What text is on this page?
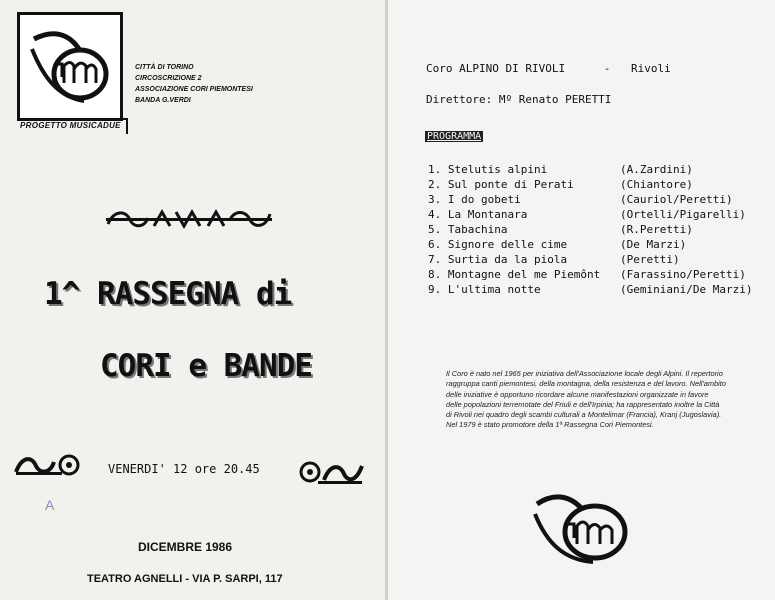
PROGETTO MUSICADUE
CITTÀ DI TORINO
CIRCOSCRIZIONE 2
ASSOCIAZIONE CORI PIEMONTESI
BANDA G.VERDI
1^ RASSEGNA di
CORI e BANDE
VENERDI' 12 ore 20.45
A
DICEMBRE 1986
TEATRO AGNELLI - VIA P. SARPI, 117
Coro ALPINO DI RIVOLI	- Rivoli
Direttore: Mº Renato PERETTI
PROGRAMMA
1. Stelutis alpini	(A.Zardini)
2. Sul ponte di Perati	(Chiantore)
3. I do gobeti	(Cauriol/Peretti)
4. La Montanara	(Ortelli/Pigarelli)
5. Tabachina	(R.Peretti)
6. Signore delle cime	(De Marzi)
7. Surtia da la piola	(Peretti)
8. Montagne del me Piemônt (Farassino/Peretti)
9. L'ultima notte	(Geminiani/De Marzi)
Il Coro è nato nel 1965 per iniziativa dell'Associazione locale degli Alpini. Il repertorio raggruppa canti piemontesi, della montagna, della resistenza e del lavoro. Nell'ambito delle iniziative è opportuno ricordare alcune manifestazioni organizzate in favore delle popolazioni terremotate del Friuli e dell'Irpinia; ha rappresentato inoltre la Città di Rivoli nei quadro degli scambi culturali a Montelimar (Francia), Kranj (Jugoslavia). Nel 1979 è stato promotore della 1ª Rassegna Cori Piemontesi.
